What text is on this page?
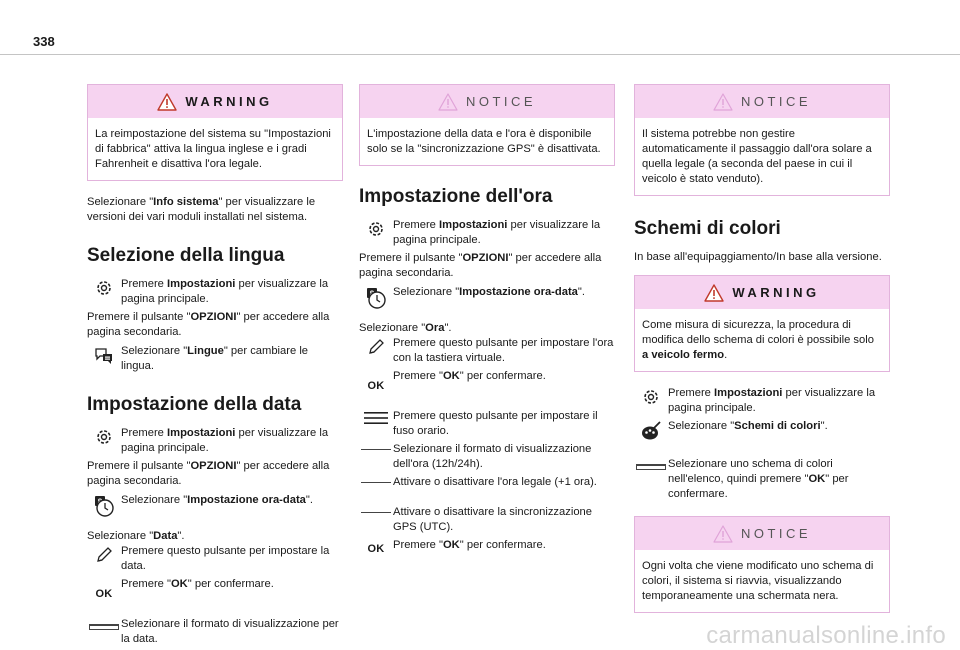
338
WARNING
La reimpostazione del sistema su "Impostazioni di fabbrica" attiva la lingua inglese e i gradi Fahrenheit e disattiva l'ora legale.

Selezionare "Info sistema" per visualizzare le versioni dei vari moduli installati nel sistema.

Selezione della lingua
Premere Impostazioni per visualizzare la pagina principale.

Premere il pulsante "OPZIONI" per accedere alla pagina secondaria.

Selezionare "Lingue" per cambiare le lingua.
Impostazione della data
Premere Impostazioni per visualizzare la pagina principale.

Premere il pulsante "OPZIONI" per accedere alla pagina secondaria.

Selezionare "Impostazione ora-data".

Selezionare "Data".

Premere questo pulsante per impostare la data.
OK
Premere "OK" per confermare.
Selezionare il formato di visualizzazione per la data.
NOTICE
L'impostazione della data e l'ora è disponibile solo se la "sincronizzazione GPS" è disattivata.
Impostazione dell'ora
Premere Impostazioni per visualizzare la pagina principale.

Premere il pulsante "OPZIONI" per accedere alla pagina secondaria.

Selezionare "Impostazione ora-data".

Selezionare "Ora".

Premere questo pulsante per impostare l'ora con la tastiera virtuale.
OK
Premere "OK" per confermare.
Premere questo pulsante per impostare il fuso orario.
Selezionare il formato di visualizzazione dell'ora (12h/24h).
Attivare o disattivare l'ora legale (+1 ora).
Attivare o disattivare la sincronizzazione GPS (UTC).
OK Premere "OK" per confermare.
NOTICE
Il sistema potrebbe non gestire automaticamente il passaggio dall'ora solare a quella legale (a seconda del paese in cui il veicolo è stato venduto).
Schemi di colori

In base all'equipaggiamento/In base alla versione.

WARNING
Come misura di sicurezza, la procedura di modifica dello schema di colori è possibile solo a veicolo fermo.
Premere Impostazioni per visualizzare la pagina principale.
Selezionare "Schemi di colori".
Selezionare uno schema di colori nell'elenco, quindi premere "OK" per confermare.
NOTICE
Ogni volta che viene modificato uno schema di colori, il sistema si riavvia, visualizzando temporaneamente una schermata nera.
carmanualsonline.info
